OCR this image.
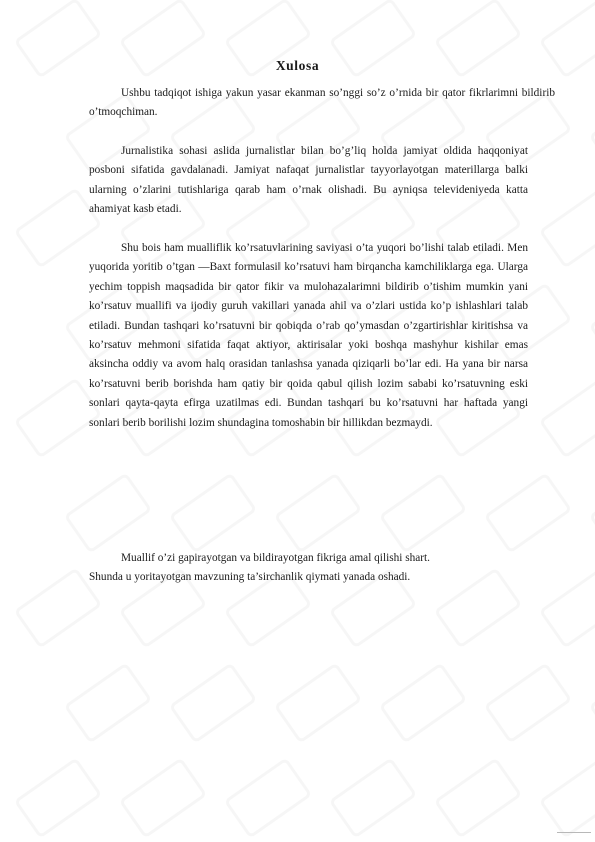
Xulosa

Ushbu tadqiqot ishiga yakun yasar ekanman so’nggi so’z o’rnida bir qator fikrlarimni bildirib o’tmoqchiman.

Jurnalistika sohasi aslida jurnalistlar bilan bo’g’liq holda jamiyat oldida haqqoniyat posboni sifatida gavdalanadi. Jamiyat nafaqat jurnalistlar tayyorlayotgan materillarga balki ularning o’zlarini tutishlariga qarab ham o’rnak olishadi. Bu ayniqsa televideniyeda katta ahamiyat kasb etadi.

Shu bois ham mualliflik ko’rsatuvlarining saviyasi o’ta yuqori bo’lishi talab etiladi. Men yuqorida yoritib o’tgan ―Baxt formulasi‖ ko’rsatuvi ham birqancha kamchiliklarga ega. Ularga yechim toppish maqsadida bir qator fikir va mulohazalarimni bildirib o’tishim mumkin yani ko’rsatuv muallifi va ijodiy guruh vakillari yanada ahil va o’zlari ustida ko’p ishlashlari talab etiladi. Bundan tashqari ko’rsatuvni bir qobiqda o’rab qo’ymasdan o’zgartirishlar kiritishsa va ko’rsatuv mehmoni sifatida faqat aktiyor, aktirisalar yoki boshqa mashyhur kishilar emas aksincha oddiy va avom halq orasidan tanlashsa yanada qiziqarli bo’lar edi. Ha yana bir narsa ko’rsatuvni berib borishda ham qatiy bir qoida qabul qilish lozim sababi ko’rsatuvning eski sonlari qayta-qayta efirga uzatilmas edi. Bundan tashqari bu ko’rsatuvni har haftada yangi sonlari berib borilishi lozim shundagina tomoshabin bir hillikdan bezmaydi.

Muallif o’zi gapirayotgan va bildirayotgan fikriga amal qilishi shart.

Shunda u yoritayotgan mavzuning ta’sirchanlik qiymati yanada oshadi.
